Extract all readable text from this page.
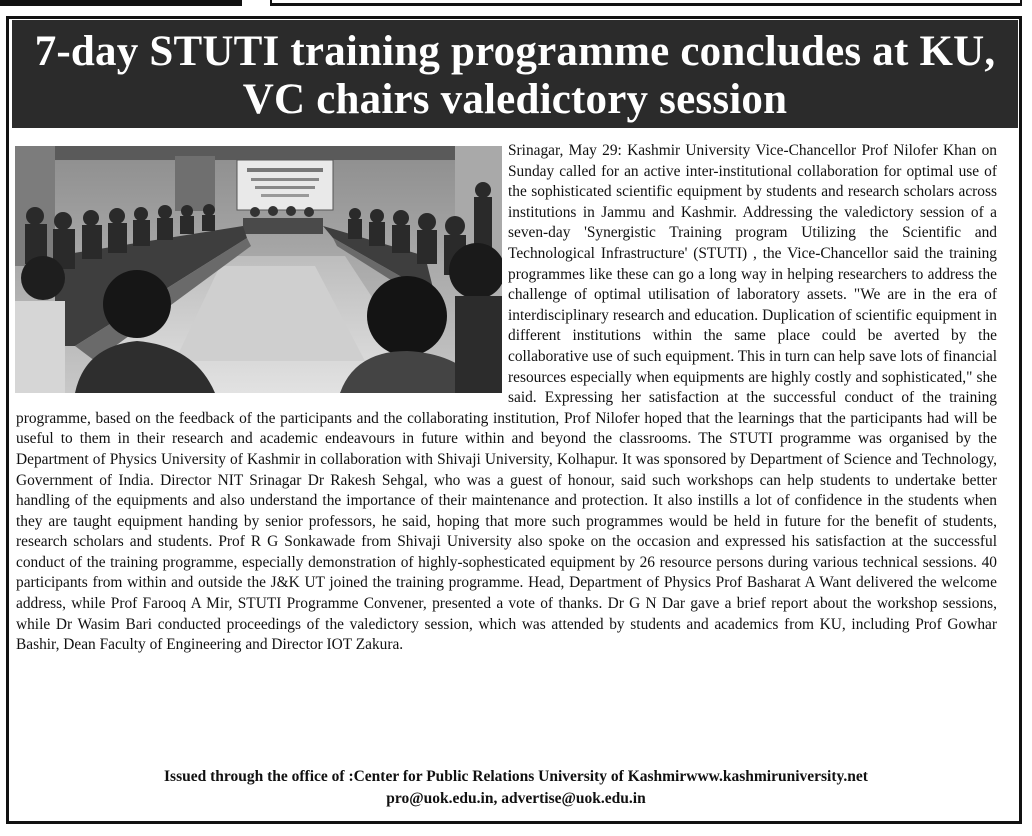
7-day STUTI training programme concludes at KU, VC chairs valedictory session

Srinagar, May 29: Kashmir University Vice-Chancellor Prof Nilofer Khan on Sunday called for an active inter-institutional collaboration for optimal use of the sophisticated scientific equipment by students and research scholars across institutions in Jammu and Kashmir. Addressing the valedictory session of a seven-day 'Synergistic Training program Utilizing the Scientific and Technological Infrastructure' (STUTI) , the Vice-Chancellor said the training programmes like these can go a long way in helping researchers to address the challenge of optimal utilisation of laboratory assets. "We are in the era of interdisciplinary research and education. Duplication of scientific equipment in different institutions within the same place could be averted by the collaborative use of such equipment. This in turn can help save lots of financial resources especially when equipments are highly costly and sophisticated," she said. Expressing her satisfaction at the successful conduct of the training programme, based on the feedback of the participants and the collaborating institution, Prof Nilofer hoped that the learnings that the participants had will be useful to them in their research and academic endeavours in future within and beyond the classrooms. The STUTI programme was organised by the Department of Physics University of Kashmir in collaboration with Shivaji University, Kolhapur. It was sponsored by Department of Science and Technology, Government of India. Director NIT Srinagar Dr Rakesh Sehgal, who was a guest of honour, said such workshops can help students to undertake better handling of the equipments and also understand the importance of their maintenance and protection. It also instills a lot of confidence in the students when they are taught equipment handing by senior professors, he said, hoping that more such programmes would be held in future for the benefit of students, research scholars and students. Prof R G Sonkawade from Shivaji University also spoke on the occasion and expressed his satisfaction at the successful conduct of the training programme, especially demonstration of highly-sophesticated equipment by 26 resource persons during various technical sessions. 40 participants from within and outside the J&K UT joined the training programme. Head, Department of Physics Prof Basharat A Want delivered the welcome address, while Prof Farooq A Mir, STUTI Programme Convener, presented a vote of thanks. Dr G N Dar gave a brief report about the workshop sessions, while Dr Wasim Bari conducted proceedings of the valedictory session, which was attended by students and academics from KU, including Prof Gowhar Bashir, Dean Faculty of Engineering and Director IOT Zakura.

Issued through the office of :Center for Public Relations University of Kashmirwww.kashmiruniversity.net
pro@uok.edu.in, advertise@uok.edu.in
